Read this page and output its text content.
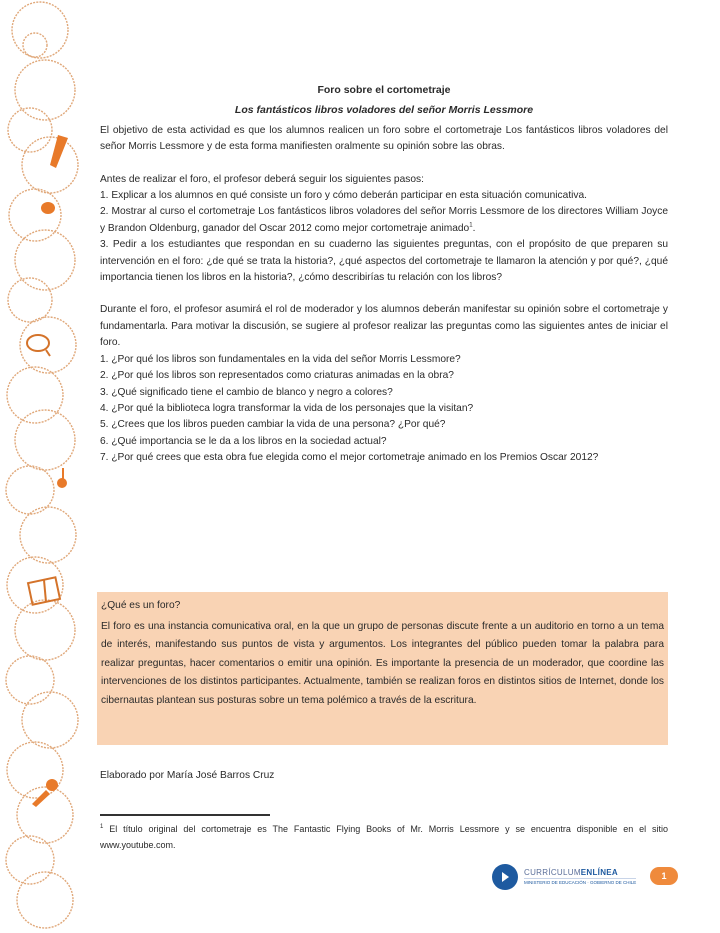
Foro sobre el cortometraje
Los fantásticos libros voladores del señor Morris Lessmore

El objetivo de esta actividad es que los alumnos realicen un foro sobre el cortometraje Los fantásticos libros voladores del señor Morris Lessmore y de esta forma manifiesten oralmente su opinión sobre las obras.

Antes de realizar el foro, el profesor deberá seguir los siguientes pasos:

1. Explicar a los alumnos en qué consiste un foro y cómo deberán participar en esta situación comunicativa.

2. Mostrar al curso el cortometraje Los fantásticos libros voladores del señor Morris Lessmore de los directores William Joyce y Brandon Oldenburg, ganador del Oscar 2012 como mejor cortometraje animado$^1$.

3. Pedir a los estudiantes que respondan en su cuaderno las siguientes preguntas, con el propósito de que preparen su intervención en el foro: ¿de qué se trata la historia?, ¿qué aspectos del cortometraje te llamaron la atención y por qué?, ¿qué importancia tienen los libros en la historia?, ¿cómo describirías tu relación con los libros?

Durante el foro, el profesor asumirá el rol de moderador y los alumnos deberán manifestar su opinión sobre el cortometraje y fundamentarla. Para motivar la discusión, se sugiere al profesor realizar las preguntas como las siguientes antes de iniciar el foro.

1. ¿Por qué los libros son fundamentales en la vida del señor Morris Lessmore?

2. ¿Por qué los libros son representados como criaturas animadas en la obra?

3. ¿Qué significado tiene el cambio de blanco y negro a colores?

4. ¿Por qué la biblioteca logra transformar la vida de los personajes que la visitan?

5. ¿Crees que los libros pueden cambiar la vida de una persona? ¿Por qué?

6. ¿Qué importancia se le da a los libros en la sociedad actual?

7. ¿Por qué crees que esta obra fue elegida como el mejor cortometraje animado en los Premios Oscar 2012?

¿Qué es un foro?

El foro es una instancia comunicativa oral, en la que un grupo de personas discute frente a un auditorio en torno a un tema de interés, manifestando sus puntos de vista y argumentos. Los integrantes del público pueden tomar la palabra para realizar preguntas, hacer comentarios o emitir una opinión. Es importante la presencia de un moderador, que coordine las intervenciones de los distintos participantes. Actualmente, también se realizan foros en distintos sitios de Internet, donde los cibernautas plantean sus posturas sobre un tema polémico a través de la escritura.

Elaborado por María José Barros Cruz
$^1$ El título original del cortometraje es The Fantastic Flying Books of Mr. Morris Lessmore y se encuentra disponible en el sitio www.youtube.com.
CURRÍCULUMENLÍNEA
MINISTERIO DE EDUCACIÓN · GOBIERNO DE CHILE
1
